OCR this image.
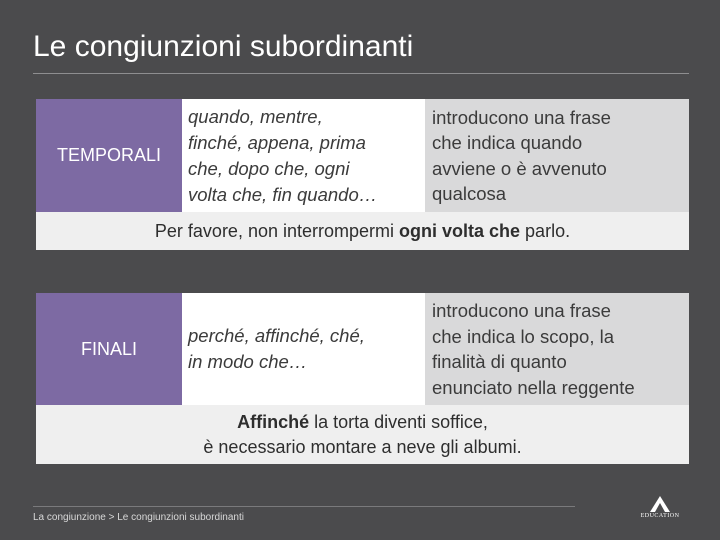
Le congiunzioni subordinanti
TEMPORALI
quando, mentre,
finché, appena, prima
che, dopo che, ogni
volta che, fin quando…
introducono una frase
che indica quando
avviene o è avvenuto
qualcosa
Per favore, non interrompermi ogni volta che parlo.
FINALI
perché, affinché, ché,
in modo che…
introducono una frase
che indica lo scopo, la
finalità di quanto
enunciato nella reggente
Affinché la torta diventi soffice,
è necessario montare a neve gli albumi.
La congiunzione > Le congiunzioni subordinanti	EDUCATION
